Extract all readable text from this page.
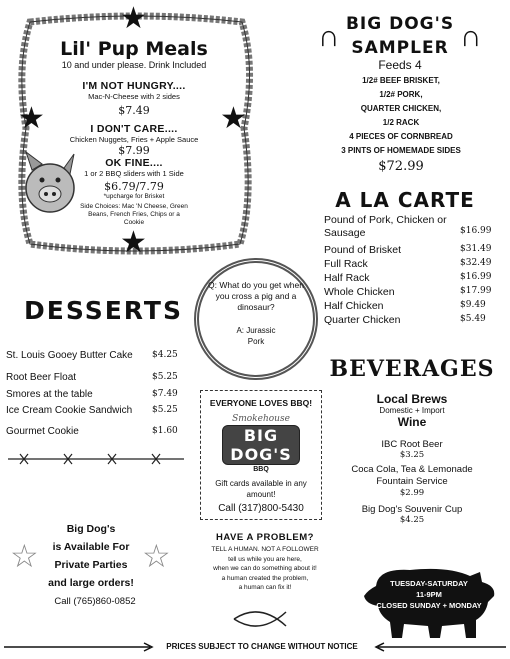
★
★	★
★
Lil' Pup Meals
10 and under please. Drink Included
I'M NOT HUNGRY....
Mac-N-Cheese with 2 sides
$7.49
I DON'T CARE....
Chicken Nuggets, Fries + Apple Sauce
$7.99
OK FINE....
1 or 2 BBQ sliders with 1 Side
$6.79/7.79
*upcharge for Brisket
Side Choices: Mac 'N Cheese, Green Beans, French Fries, Chips or a Cookie
∩	∩
BIG DOG'S
SAMPLER
Feeds 4
1/2# BEEF BRISKET,
1/2# PORK,
QUARTER CHICKEN,
1/2 RACK
4 PIECES OF CORNBREAD
3 PINTS OF HOMEMADE SIDES
$72.99
A LA CARTE
Pound of Pork, Chicken or Sausage	$16.99
Pound of Brisket	$31.49
Full Rack	$32.49
Half Rack	$16.99
Whole Chicken	$17.99
Half Chicken	$9.49
Quarter Chicken	$5.49
Q: What do you get when you cross a pig and a dinosaur?
A: Jurassic Pork
DESSERTS
St. Louis Gooey Butter Cake $4.25
Root Beer Float	$5.25
Smores at the table	$7.49
Ice Cream Cookie Sandwich $5.25
Gourmet Cookie	$1.60
EVERYONE LOVES BBQ!
Smokehouse
BIG DOG'S
BBQ
Gift cards available in any amount!
Call (317)800-5430
BEVERAGES
Local Brews
Domestic + Import
Wine
IBC Root Beer
$3.25
Coca Cola, Tea & Lemonade Fountain Service
$2.99
Big Dog's Souvenir Cup
$4.25
☆	☆
Big Dog's
is Available For
Private Parties
and large orders!
Call (765)860-0852
HAVE A PROBLEM?
TELL A HUMAN. NOT A FOLLOWER
tell us while you are here,
when we can do something about it!
a human created the problem,
a human can fix it!	TUESDAY-SATURDAY
11-9PM
CLOSED SUNDAY + MONDAY
PRICES SUBJECT TO CHANGE WITHOUT NOTICE
